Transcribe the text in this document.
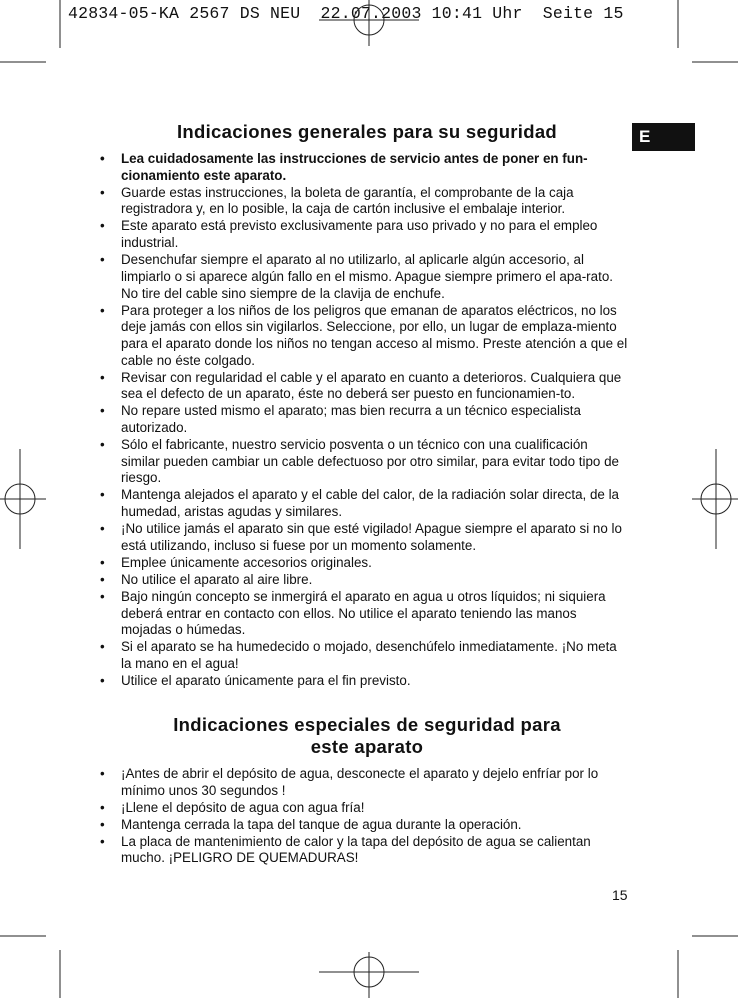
42834-05-KA 2567 DS NEU  22.07.2003 10:41 Uhr  Seite 15
E
Indicaciones generales para su seguridad
• Lea cuidadosamente las instrucciones de servicio antes de poner en fun-cionamiento este aparato.
• Guarde estas instrucciones, la boleta de garantía, el comprobante de la caja registradora y, en lo posible, la caja de cartón inclusive el embalaje interior.
• Este aparato está previsto exclusivamente para uso privado y no para el empleo industrial.
• Desenchufar siempre el aparato al no utilizarlo, al aplicarle algún accesorio, al limpiarlo o si aparece algún fallo en el mismo. Apague siempre primero el apa-rato. No tire del cable sino siempre de la clavija de enchufe.
• Para proteger a los niños de los peligros que emanan de aparatos eléctricos, no los deje jamás con ellos sin vigilarlos. Seleccione, por ello, un lugar de emplaza-miento para el aparato donde los niños no tengan acceso al mismo. Preste atención a que el cable no éste colgado.
• Revisar con regularidad el cable y el aparato en cuanto a deterioros. Cualquiera que sea el defecto de un aparato, éste no deberá ser puesto en funcionamien-to.
• No repare usted mismo el aparato; mas bien recurra a un técnico especialista autorizado.
• Sólo el fabricante, nuestro servicio posventa o un técnico con una cualificación similar pueden cambiar un cable defectuoso por otro similar, para evitar todo tipo de riesgo.
• Mantenga alejados el aparato y el cable del calor, de la radiación solar directa, de la humedad, aristas agudas y similares.
• ¡No utilice jamás el aparato sin que esté vigilado! Apague siempre el aparato si no lo está utilizando, incluso si fuese por un momento solamente.
• Emplee únicamente accesorios originales.
• No utilice el aparato al aire libre.
• Bajo ningún concepto se inmergirá el aparato en agua u otros líquidos; ni siquiera deberá entrar en contacto con ellos. No utilice el aparato teniendo las manos mojadas o húmedas.
• Si el aparato se ha humedecido o mojado, desenchúfelo inmediatamente. ¡No meta la mano en el agua!
• Utilice el aparato únicamente para el fin previsto.
Indicaciones especiales de seguridad para
este aparato
• ¡Antes de abrir el depósito de agua, desconecte el aparato y dejelo enfríar por lo mínimo unos 30 segundos !
• ¡Llene el depósito de agua con agua fría!
• Mantenga cerrada la tapa del tanque de agua durante la operación.
• La placa de mantenimiento de calor y la tapa del depósito de agua se calientan mucho. ¡PELIGRO DE QUEMADURAS!
15
